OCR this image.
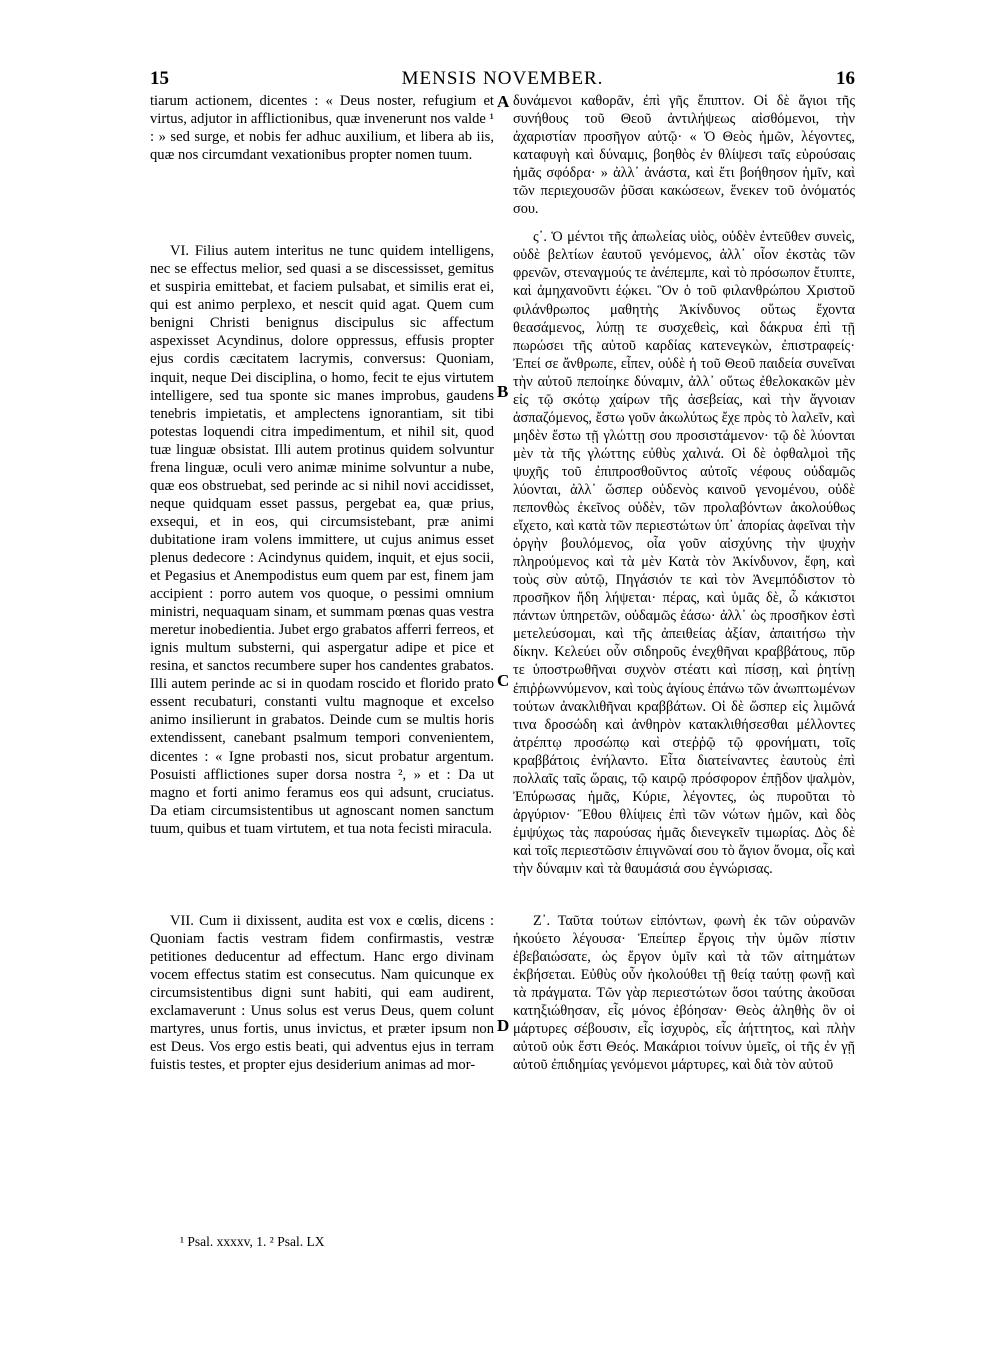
15	MENSIS NOVEMBER.	16

tiarum actionem, dicentes : « Deus noster, refugium et virtus, adjutor in afflictionibus, quæ invenerunt nos valde ¹ : » sed surge, et nobis fer adhuc auxilium, et libera ab iis, quæ nos circumdant vexationibus propter nomen tuum.

VI. Filius autem interitus ne tunc quidem intelligens, nec se effectus melior, sed quasi a se discessisset, gemitus et suspiria emittebat, et faciem pulsabat, et similis erat ei, qui est animo perplexo, et nescit quid agat. Quem cum benigni Christi benignus discipulus sic affectum aspexisset Acyndinus, dolore oppressus, effusis propter ejus cordis cæcitatem lacrymis, conversus: Quoniam, inquit, neque Dei disciplina, o homo, fecit te ejus virtutem intelligere, sed tua sponte sic manes improbus, gaudens tenebris impietatis, et amplectens ignorantiam, sit tibi potestas loquendi citra impedimentum, et nihil sit, quod tuæ linguæ obsistat. Illi autem protinus quidem solvuntur frena linguæ, oculi vero animæ minime solvuntur a nube, quæ eos obstruebat, sed perinde ac si nihil novi accidisset, neque quidquam esset passus, pergebat ea, quæ prius, exsequi, et in eos, qui circumsistebant, præ animi dubitatione iram volens immittere, ut cujus animus esset plenus dedecore : Acindynus quidem, inquit, et ejus socii, et Pegasius et Anempodistus eum quem par est, finem jam accipient : porro autem vos quoque, o pessimi omnium ministri, nequaquam sinam, et summam pœnas quas vestra meretur inobedientia. Jubet ergo grabatos afferri ferreos, et ignis multum substerni, qui aspergatur adipe et pice et resina, et sanctos recumbere super hos candentes grabatos. Illi autem perinde ac si in quodam roscido et florido prato essent recubaturi, constanti vultu magnoque et excelso animo insilierunt in grabatos. Deinde cum se multis horis extendissent, canebant psalmum tempori convenientem, dicentes : « Igne probasti nos, sicut probatur argentum. Posuisti afflictiones super dorsa nostra ², » et : Da ut magno et forti animo feramus eos qui adsunt, cruciatus. Da etiam circumsistentibus ut agnoscant nomen sanctum tuum, quibus et tuam virtutem, et tua nota fecisti miracula.

VII. Cum ii dixissent, audita est vox e cœlis, dicens : Quoniam factis vestram fidem confirmastis, vestræ petitiones deducentur ad effectum. Hanc ergo divinam vocem effectus statim est consecutus. Nam quicunque ex circumsistentibus digni sunt habiti, qui eam audirent, exclamaverunt : Unus solus est verus Deus, quem colunt martyres, unus fortis, unus invictus, et præter ipsum non est Deus. Vos ergo estis beati, qui adventus ejus in terram fuistis testes, et propter ejus desiderium animas ad mor-

δυνάμενοι καθορᾶν, ἐπὶ γῆς ἔπιπτον. Οἱ δὲ ἅγιοι τῆς συνήθους τοῦ Θεοῦ ἀντιλήψεως αἰσθόμενοι, τὴν ἀχαριστίαν προσῆγον αὐτῷ· « Ὁ Θεὸς ἡμῶν, λέγοντες, καταφυγὴ καὶ δύναμις, βοηθὸς ἐν θλίψεσι ταῖς εὑρούσαις ἡμᾶς σφόδρα· » ἀλλ᾽ ἀνάστα, καὶ ἔτι βοήθησον ἡμῖν, καὶ τῶν περιεχουσῶν ῥῦσαι κακώσεων, ἕνεκεν τοῦ ὀνόματός σου.

ς᾽. Ὁ μέντοι τῆς ἀπωλείας υἱὸς, οὐδὲν ἐντεῦθεν συνεὶς, οὐδὲ βελτίων ἑαυτοῦ γενόμενος, ἀλλ᾽ οἷον ἐκστὰς τῶν φρενῶν, στεναγμούς τε ἀνέπεμπε, καὶ τὸ πρόσωπον ἔτυπτε, καὶ ἀμηχανοῦντι ἐῴκει. Ὃν ὁ τοῦ φιλανθρώπου Χριστοῦ φιλάνθρωπος μαθητὴς Ἀκίνδυνος οὕτως ἔχοντα θεασάμενος, λύπῃ τε συσχεθεὶς, καὶ δάκρυα ἐπὶ τῇ πωρώσει τῆς αὐτοῦ καρδίας κατενεγκὼν, ἐπιστραφείς· Ἐπεί σε ἄνθρωπε, εἶπεν, οὐδὲ ἡ τοῦ Θεοῦ παιδεία συνεῖναι τὴν αὐτοῦ πεποίηκε δύναμιν, ἀλλ᾽ οὕτως ἐθελοκακῶν μὲν εἰς τῷ σκότῳ χαίρων τῆς ἀσεβείας, καὶ τὴν ἄγνοιαν ἀσπαζόμενος, ἔστω γοῦν ἀκωλύτως ἔχε πρὸς τὸ λαλεῖν, καὶ μηδὲν ἔστω τῇ γλώττῃ σου προσιστάμενον· τῷ δὲ λύονται μὲν τὰ τῆς γλώττης εὐθὺς χαλινά. Οἱ δὲ ὀφθαλμοὶ τῆς ψυχῆς τοῦ ἐπιπροσθοῦντος αὐτοῖς νέφους οὐδαμῶς λύονται, ἀλλ᾽ ὥσπερ οὐδενὸς καινοῦ γενομένου, οὐδὲ πεπονθὼς ἐκεῖνος οὐδὲν, τῶν προλαβόντων ἀκολούθως εἴχετο, καὶ κατὰ τῶν περιεστώτων ὑπ᾽ ἀπορίας ἀφεῖναι τὴν ὀργὴν βουλόμενος, οἷα γοῦν αἰσχύνης τὴν ψυχὴν πληρούμενος καὶ τὰ μὲν Κατὰ τὸν Ἀκίνδυνον, ἔφη, καὶ τοὺς σὺν αὐτῷ, Πηγάσιόν τε καὶ τὸν Ἀνεμπόδιστον τὸ προσῆκον ἤδη λήψεται· πέρας, καὶ ὑμᾶς δὲ, ὦ κάκιστοι πάντων ὑπηρετῶν, οὐδαμῶς ἐάσω· ἀλλ᾽ ὡς προσῆκον ἐστὶ μετελεύσομαι, καὶ τῆς ἀπειθείας ἀξίαν, ἀπαιτήσω τὴν δίκην. Κελεύει οὖν σιδηροῦς ἐνεχθῆναι κραββάτους, πῦρ τε ὑποστρωθῆναι συχνὸν στέατι καὶ πίσσῃ, καὶ ῥητίνῃ ἐπιῤῥωννύμενον, καὶ τοὺς ἁγίους ἐπάνω τῶν ἀνωπτωμένων τούτων ἀνακλιθῆναι κραββάτων. Οἱ δὲ ὥσπερ εἰς λιμῶνά τινα δροσώδη καὶ ἀνθηρὸν κατακλιθήσεσθαι μέλλοντες ἀτρέπτῳ προσώπῳ καὶ στεῤῥῷ τῷ φρονήματι, τοῖς κραββάτοις ἐνήλαντο. Εἶτα διατείναντες ἑαυτοὺς ἐπὶ πολλαῖς ταῖς ὥραις, τῷ καιρῷ πρόσφορον ἐπῇδον ψαλμὸν, Ἐπύρωσας ἡμᾶς, Κύριε, λέγοντες, ὡς πυροῦται τὸ ἀργύριον· Ἔθου θλίψεις ἐπὶ τῶν νώτων ἡμῶν, καὶ δὸς ἐμψύχως τὰς παρούσας ἡμᾶς διενεγκεῖν τιμωρίας. Δὸς δὲ καὶ τοῖς περιεστῶσιν ἐπιγνῶναί σου τὸ ἅγιον ὄνομα, οἷς καὶ τὴν δύναμιν καὶ τὰ θαυμάσιά σου ἐγνώρισας.

Ζ᾽. Ταῦτα τούτων εἰπόντων, φωνὴ ἐκ τῶν οὐρανῶν ἠκούετο λέγουσα· Ἐπείπερ ἔργοις τὴν ὑμῶν πίστιν ἐβεβαιώσατε, ὡς ἔργον ὑμῖν καὶ τὰ τῶν αἰτημάτων ἐκβήσεται. Εὐθὺς οὖν ἠκολούθει τῇ θείᾳ ταύτῃ φωνῇ καὶ τὰ πράγματα. Τῶν γὰρ περιεστώτων ὅσοι ταύτης ἀκοῦσαι κατηξιώθησαν, εἷς μόνος ἐβόησαν· Θεὸς ἀληθὴς ὃν οἱ μάρτυρες σέβουσιν, εἷς ἰσχυρὸς, εἷς ἀήττητος, καὶ πλὴν αὐτοῦ οὐκ ἔστι Θεός. Μακάριοι τοίνυν ὑμεῖς, οἱ τῆς ἐν γῇ αὐτοῦ ἐπιδημίας γενόμενοι μάρτυρες, καὶ διὰ τὸν αὐτοῦ

A
B
C
D
¹ Psal. xxxxv, 1. ² Psal. LX
